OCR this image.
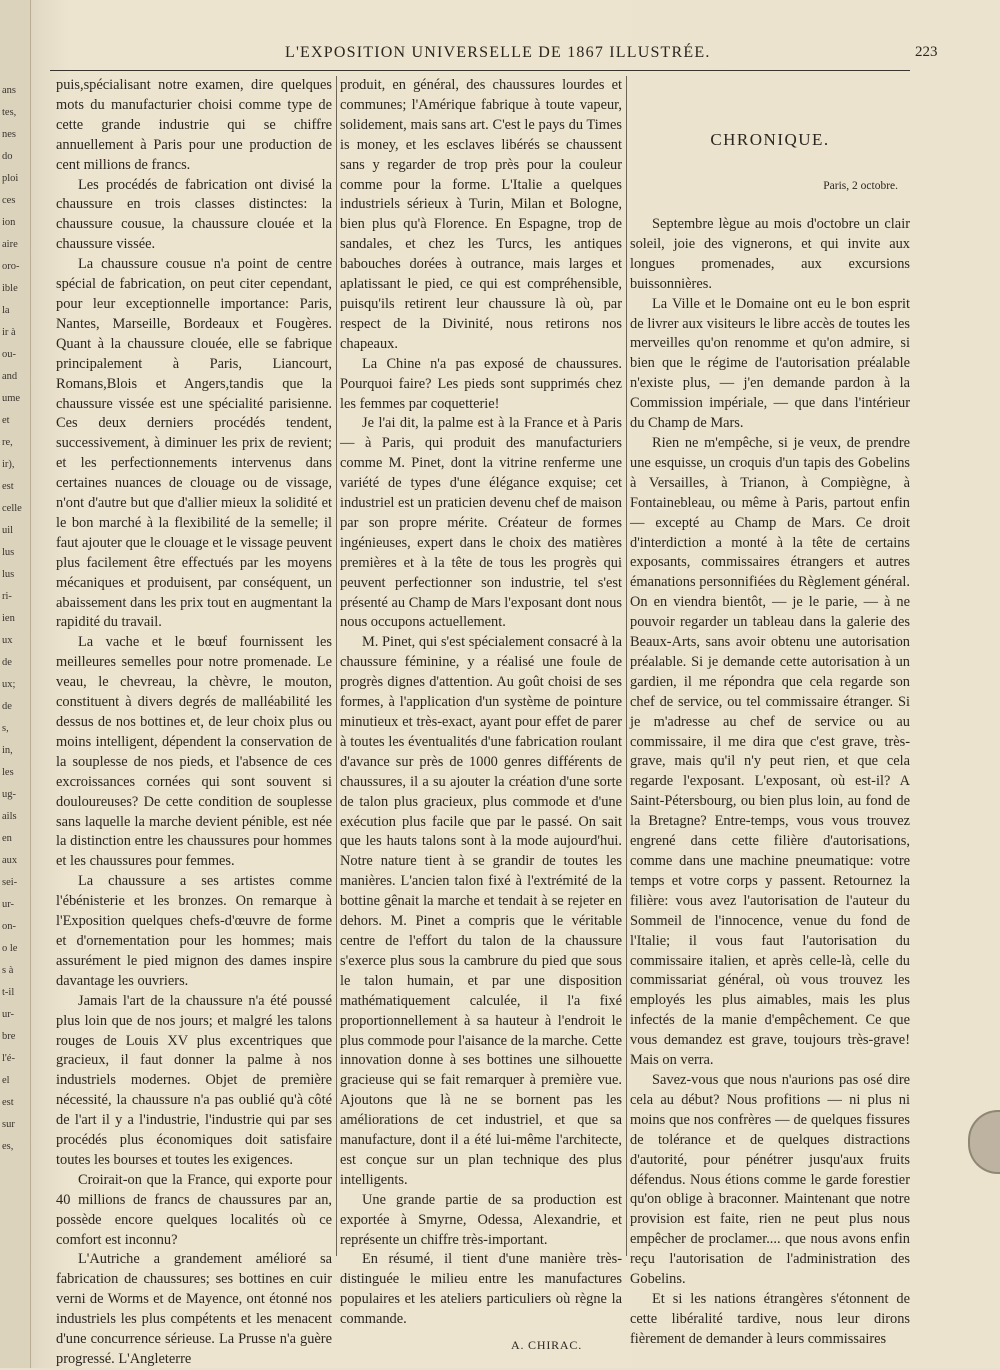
ans
tes,
nes
do
ploi
ces
ion
aire
oro-
ible
la
ir à
ou-
and
ume
et
re,
ir),
est
celle
uil
lus
lus
ri-
ien
ux
de
ux;
de
s,
in,
les
ug-
ails
en
aux
sei-
ur-
on-
o le
s à
t-il
ur-
bre
l'é-
el
est
sur
es,
L'EXPOSITION UNIVERSELLE DE 1867 ILLUSTRÉE.	223

puis,spécialisant notre examen, dire quelques mots du manufacturier choisi comme type de cette grande industrie qui se chiffre annuellement à Paris pour une production de cent millions de francs.

Les procédés de fabrication ont divisé la chaussure en trois classes distinctes: la chaussure cousue, la chaussure clouée et la chaussure vissée.

La chaussure cousue n'a point de centre spécial de fabrication, on peut citer cependant, pour leur exceptionnelle importance: Paris, Nantes, Marseille, Bordeaux et Fougères. Quant à la chaussure clouée, elle se fabrique principalement à Paris, Liancourt, Romans,Blois et Angers,tandis que la chaussure vissée est une spécialité parisienne. Ces deux derniers procédés tendent, successivement, à diminuer les prix de revient; et les perfectionnements intervenus dans certaines nuances de clouage ou de vissage, n'ont d'autre but que d'allier mieux la solidité et le bon marché à la flexibilité de la semelle; il faut ajouter que le clouage et le vissage peuvent plus facilement être effectués par les moyens mécaniques et produisent, par conséquent, un abaissement dans les prix tout en augmentant la rapidité du travail.

La vache et le bœuf fournissent les meilleures semelles pour notre promenade. Le veau, le chevreau, la chèvre, le mouton, constituent à divers degrés de malléabilité les dessus de nos bottines et, de leur choix plus ou moins intelligent, dépendent la conservation de la souplesse de nos pieds, et l'absence de ces excroissances cornées qui sont souvent si douloureuses? De cette condition de souplesse sans laquelle la marche devient pénible, est née la distinction entre les chaussures pour hommes et les chaussures pour femmes.

La chaussure a ses artistes comme l'ébénisterie et les bronzes. On remarque à l'Exposition quelques chefs-d'œuvre de forme et d'ornementation pour les hommes; mais assurément le pied mignon des dames inspire davantage les ouvriers.

Jamais l'art de la chaussure n'a été poussé plus loin que de nos jours; et malgré les talons rouges de Louis XV plus excentriques que gracieux, il faut donner la palme à nos industriels modernes. Objet de première nécessité, la chaussure n'a pas oublié qu'à côté de l'art il y a l'industrie, l'industrie qui par ses procédés plus économiques doit satisfaire toutes les bourses et toutes les exigences.

Croirait-on que la France, qui exporte pour 40 millions de francs de chaussures par an, possède encore quelques localités où ce comfort est inconnu?

L'Autriche a grandement amélioré sa fabrication de chaussures; ses bottines en cuir verni de Worms et de Mayence, ont étonné nos industriels les plus compétents et les menacent d'une concurrence sérieuse. La Prusse n'a guère progressé. L'Angleterre

produit, en général, des chaussures lourdes et communes; l'Amérique fabrique à toute vapeur, solidement, mais sans art. C'est le pays du Times is money, et les esclaves libérés se chaussent sans y regarder de trop près pour la couleur comme pour la forme. L'Italie a quelques industriels sérieux à Turin, Milan et Bologne, bien plus qu'à Florence. En Espagne, trop de sandales, et chez les Turcs, les antiques babouches dorées à outrance, mais larges et aplatissant le pied, ce qui est compréhensible, puisqu'ils retirent leur chaussure là où, par respect de la Divinité, nous retirons nos chapeaux.

La Chine n'a pas exposé de chaussures. Pourquoi faire? Les pieds sont supprimés chez les femmes par coquetterie!

Je l'ai dit, la palme est à la France et à Paris — à Paris, qui produit des manufacturiers comme M. Pinet, dont la vitrine renferme une variété de types d'une élégance exquise; cet industriel est un praticien devenu chef de maison par son propre mérite. Créateur de formes ingénieuses, expert dans le choix des matières premières et à la tête de tous les progrès qui peuvent perfectionner son industrie, tel s'est présenté au Champ de Mars l'exposant dont nous nous occupons actuellement.

M. Pinet, qui s'est spécialement consacré à la chaussure féminine, y a réalisé une foule de progrès dignes d'attention. Au goût choisi de ses formes, à l'application d'un système de pointure minutieux et très-exact, ayant pour effet de parer à toutes les éventualités d'une fabrication roulant d'avance sur près de 1000 genres différents de chaussures, il a su ajouter la création d'une sorte de talon plus gracieux, plus commode et d'une exécution plus facile que par le passé. On sait que les hauts talons sont à la mode aujourd'hui. Notre nature tient à se grandir de toutes les manières. L'ancien talon fixé à l'extrémité de la bottine gênait la marche et tendait à se rejeter en dehors. M. Pinet a compris que le véritable centre de l'effort du talon de la chaussure s'exerce plus sous la cambrure du pied que sous le talon humain, et par une disposition mathématiquement calculée, il l'a fixé proportionnellement à sa hauteur à l'endroit le plus commode pour l'aisance de la marche. Cette innovation donne à ses bottines une silhouette gracieuse qui se fait remarquer à première vue. Ajoutons que là ne se bornent pas les améliorations de cet industriel, et que sa manufacture, dont il a été lui-même l'architecte, est conçue sur un plan technique des plus intelligents.

Une grande partie de sa production est exportée à Smyrne, Odessa, Alexandrie, et représente un chiffre très-important.

En résumé, il tient d'une manière très-distinguée le milieu entre les manufactures populaires et les ateliers particuliers où règne la commande.

A. CHIRAC.
CHRONIQUE.
Paris, 2 octobre.

Septembre lègue au mois d'octobre un clair soleil, joie des vignerons, et qui invite aux longues promenades, aux excursions buissonnières.

La Ville et le Domaine ont eu le bon esprit de livrer aux visiteurs le libre accès de toutes les merveilles qu'on renomme et qu'on admire, si bien que le régime de l'autorisation préalable n'existe plus, — j'en demande pardon à la Commission impériale, — que dans l'intérieur du Champ de Mars.

Rien ne m'empêche, si je veux, de prendre une esquisse, un croquis d'un tapis des Gobelins à Versailles, à Trianon, à Compiègne, à Fontainebleau, ou même à Paris, partout enfin — excepté au Champ de Mars. Ce droit d'interdiction a monté à la tête de certains exposants, commissaires étrangers et autres émanations personnifiées du Règlement général. On en viendra bientôt, — je le parie, — à ne pouvoir regarder un tableau dans la galerie des Beaux-Arts, sans avoir obtenu une autorisation préalable. Si je demande cette autorisation à un gardien, il me répondra que cela regarde son chef de service, ou tel commissaire étranger. Si je m'adresse au chef de service ou au commissaire, il me dira que c'est grave, très-grave, mais qu'il n'y peut rien, et que cela regarde l'exposant. L'exposant, où est-il? A Saint-Pétersbourg, ou bien plus loin, au fond de la Bretagne? Entre-temps, vous vous trouvez engrené dans cette filière d'autorisations, comme dans une machine pneumatique: votre temps et votre corps y passent. Retournez la filière: vous avez l'autorisation de l'auteur du Sommeil de l'innocence, venue du fond de l'Italie; il vous faut l'autorisation du commissaire italien, et après celle-là, celle du commissariat général, où vous trouvez les employés les plus aimables, mais les plus infectés de la manie d'empêchement. Ce que vous demandez est grave, toujours très-grave! Mais on verra.

Savez-vous que nous n'aurions pas osé dire cela au début? Nous profitions — ni plus ni moins que nos confrères — de quelques fissures de tolérance et de quelques distractions d'autorité, pour pénétrer jusqu'aux fruits défendus. Nous étions comme le garde forestier qu'on oblige à braconner. Maintenant que notre provision est faite, rien ne peut plus nous empêcher de proclamer.... que nous avons enfin reçu l'autorisation de l'administration des Gobelins.

Et si les nations étrangères s'étonnent de cette libéralité tardive, nous leur dirons fièrement de demander à leurs commissaires
